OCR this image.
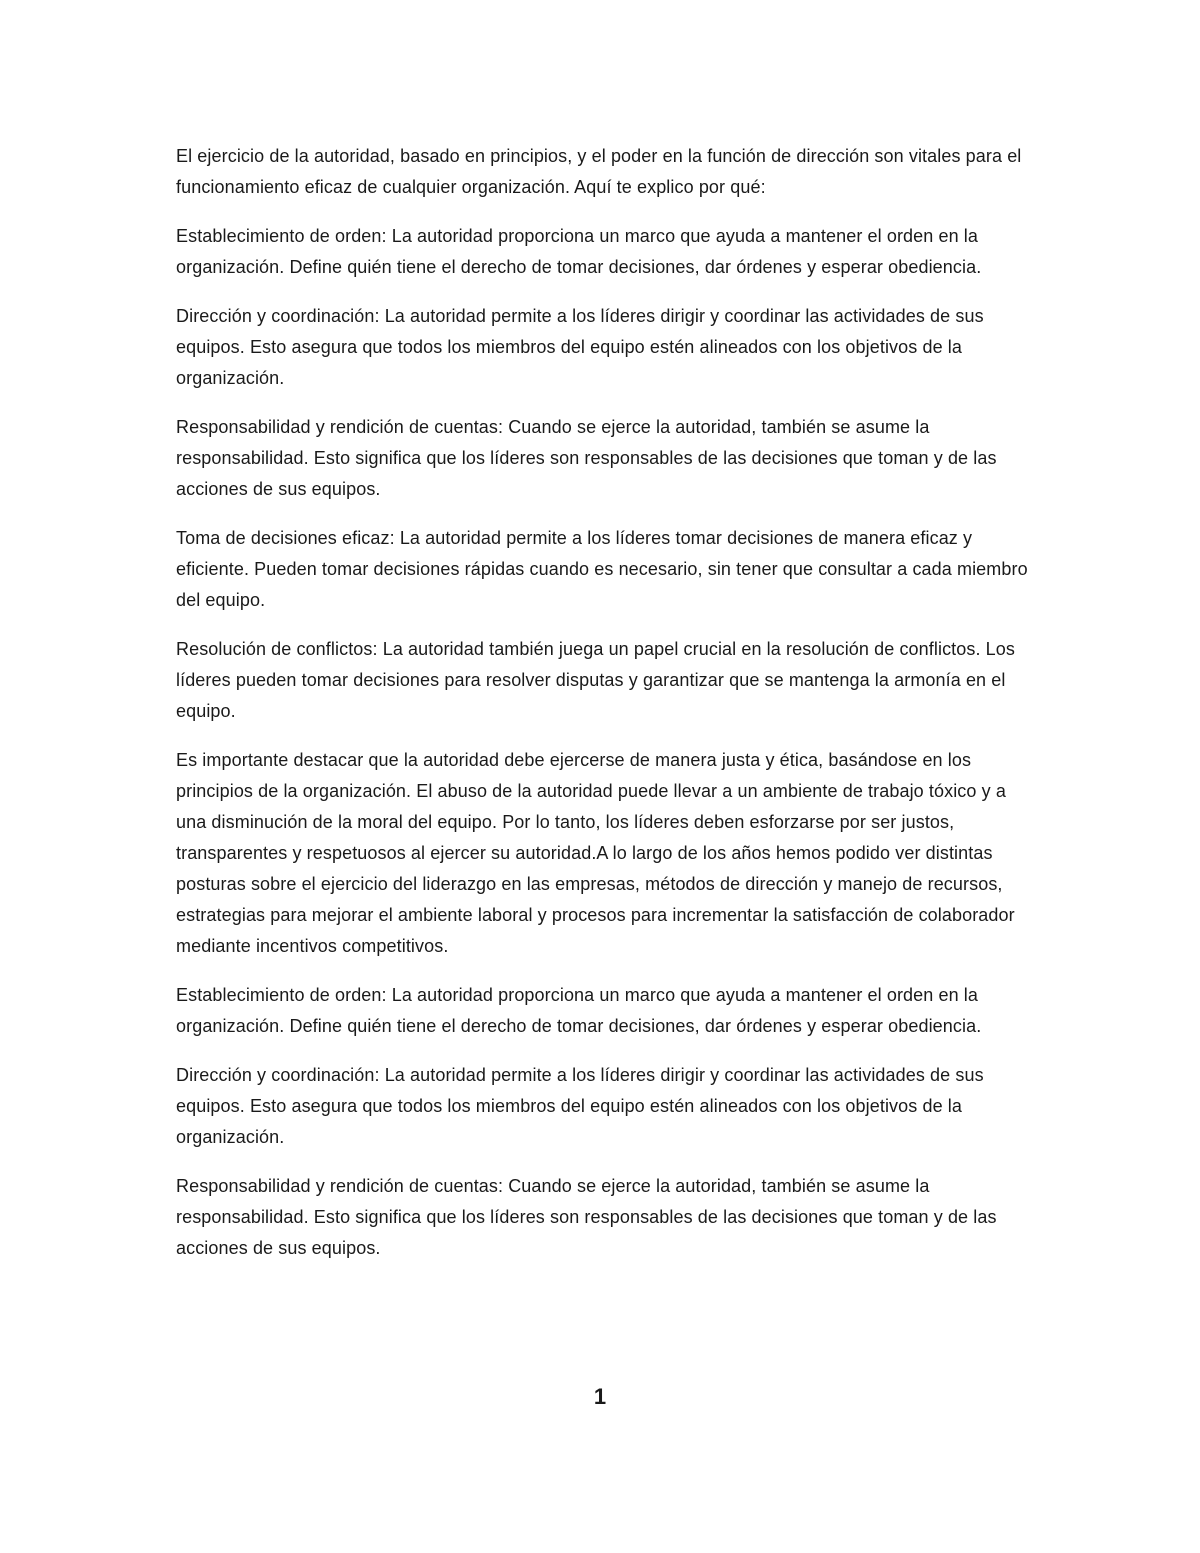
El ejercicio de la autoridad, basado en principios, y el poder en la función de dirección son vitales para el funcionamiento eficaz de cualquier organización. Aquí te explico por qué:

Establecimiento de orden: La autoridad proporciona un marco que ayuda a mantener el orden en la organización. Define quién tiene el derecho de tomar decisiones, dar órdenes y esperar obediencia.

Dirección y coordinación: La autoridad permite a los líderes dirigir y coordinar las actividades de sus equipos. Esto asegura que todos los miembros del equipo estén alineados con los objetivos de la organización.

Responsabilidad y rendición de cuentas: Cuando se ejerce la autoridad, también se asume la responsabilidad. Esto significa que los líderes son responsables de las decisiones que toman y de las acciones de sus equipos.

Toma de decisiones eficaz: La autoridad permite a los líderes tomar decisiones de manera eficaz y eficiente. Pueden tomar decisiones rápidas cuando es necesario, sin tener que consultar a cada miembro del equipo.

Resolución de conflictos: La autoridad también juega un papel crucial en la resolución de conflictos. Los líderes pueden tomar decisiones para resolver disputas y garantizar que se mantenga la armonía en el equipo.

Es importante destacar que la autoridad debe ejercerse de manera justa y ética, basándose en los principios de la organización. El abuso de la autoridad puede llevar a un ambiente de trabajo tóxico y a una disminución de la moral del equipo. Por lo tanto, los líderes deben esforzarse por ser justos, transparentes y respetuosos al ejercer su autoridad.A lo largo de los años hemos podido ver distintas posturas sobre el ejercicio del liderazgo en las empresas, métodos de dirección y manejo de recursos, estrategias para mejorar el ambiente laboral y procesos para incrementar la satisfacción de colaborador mediante incentivos competitivos.

Establecimiento de orden: La autoridad proporciona un marco que ayuda a mantener el orden en la organización. Define quién tiene el derecho de tomar decisiones, dar órdenes y esperar obediencia.

Dirección y coordinación: La autoridad permite a los líderes dirigir y coordinar las actividades de sus equipos. Esto asegura que todos los miembros del equipo estén alineados con los objetivos de la organización.

Responsabilidad y rendición de cuentas: Cuando se ejerce la autoridad, también se asume la responsabilidad. Esto significa que los líderes son responsables de las decisiones que toman y de las acciones de sus equipos.

1
